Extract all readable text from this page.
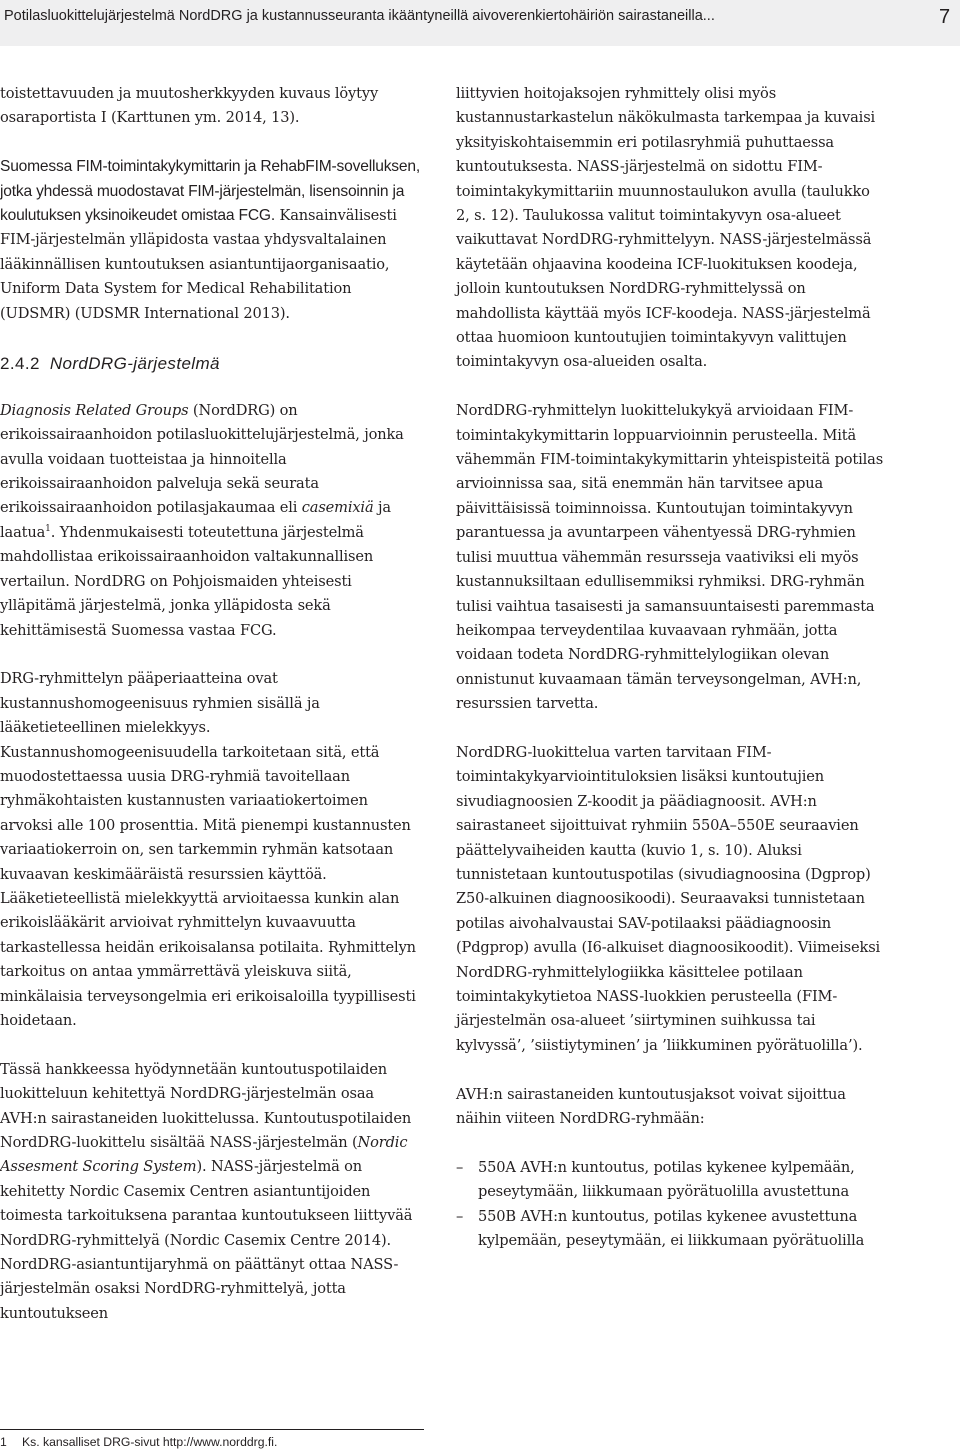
Potilasluokittelujärjestelmä NordDRG ja kustannusseuranta ikääntyneillä aivoverenkiertohäiriön sairastaneilla...	7

toistettavuuden ja muutosherkkyyden kuvaus löytyy osaraportista I (Karttunen ym. 2014, 13).

Suomessa FIM-toimintakykymittarin ja RehabFIM-sovelluksen, jotka yhdessä muodostavat FIM-järjestelmän, lisensoinnin ja koulutuksen yksinoikeudet omistaa FCG. Kansainvälisesti FIM-järjestelmän ylläpidosta vastaa yhdysvaltalainen lääkinnällisen kuntoutuksen asiantuntijaorganisaatio, Uniform Data System for Medical Rehabilitation (UDSMR) (UDSMR International 2013).

2.4.2 NordDRG-järjestelmä

Diagnosis Related Groups (NordDRG) on erikoissairaanhoidon potilasluokittelujärjestelmä, jonka avulla voidaan tuotteistaa ja hinnoitella erikoissairaanhoidon palveluja sekä seurata erikoissairaanhoidon potilasjakaumaa eli casemixiä ja laatua$^1$. Yhdenmukaisesti toteutettuna järjestelmä mahdollistaa erikoissairaanhoidon valtakunnallisen vertailun. NordDRG on Pohjoismaiden yhteisesti ylläpitämä järjestelmä, jonka ylläpidosta sekä kehittämisestä Suomessa vastaa FCG.

DRG-ryhmittelyn pääperiaatteina ovat kustannushomogeenisuus ryhmien sisällä ja lääketieteellinen mielekkyys. Kustannushomogeenisuudella tarkoitetaan sitä, että muodostettaessa uusia DRG-ryhmiä tavoitellaan ryhmäkohtaisten kustannusten variaatiokertoimen arvoksi alle 100 prosenttia. Mitä pienempi kustannusten variaatiokerroin on, sen tarkemmin ryhmän katsotaan kuvaavan keskimääräistä resurssien käyttöä. Lääketieteellistä mielekkyyttä arvioitaessa kunkin alan erikoislääkärit arvioivat ryhmittelyn kuvaavuutta tarkastellessa heidän erikoisalansa potilaita. Ryhmittelyn tarkoitus on antaa ymmärrettävä yleiskuva siitä, minkälaisia terveysongelmia eri erikoisaloilla tyypillisesti hoidetaan.

Tässä hankkeessa hyödynnetään kuntoutuspotilaiden luokitteluun kehitettyä NordDRG-järjestelmän osaa AVH:n sairastaneiden luokittelussa. Kuntoutuspotilaiden NordDRG-luokittelu sisältää NASS-järjestelmän (Nordic Assesment Scoring System). NASS-järjestelmä on kehitetty Nordic Casemix Centren asiantuntijoiden toimesta tarkoituksena parantaa kuntoutukseen liittyvää NordDRG-ryhmittelyä (Nordic Casemix Centre 2014). NordDRG-asiantuntijaryhmä on päättänyt ottaa NASS-järjestelmän osaksi NordDRG-ryhmittelyä, jotta kuntoutukseen

liittyvien hoitojaksojen ryhmittely olisi myös kustannustarkastelun näkökulmasta tarkempaa ja kuvaisi yksityiskohtaisemmin eri potilasryhmiä puhuttaessa kuntoutuksesta. NASS-järjestelmä on sidottu FIM-toimintakykymittariin muunnostaulukon avulla (taulukko 2, s. 12). Taulukossa valitut toimintakyvyn osa-alueet vaikuttavat NordDRG-ryhmittelyyn. NASS-järjestelmässä käytetään ohjaavina koodeina ICF-luokituksen koodeja, jolloin kuntoutuksen NordDRG-ryhmittelyssä on mahdollista käyttää myös ICF-koodeja. NASS-järjestelmä ottaa huomioon kuntoutujien toimintakyvyn valittujen toimintakyvyn osa-alueiden osalta.

NordDRG-ryhmittelyn luokittelukykyä arvioidaan FIM-toimintakykymittarin loppuarvioinnin perusteella. Mitä vähemmän FIM-toimintakykymittarin yhteispisteitä potilas arvioinnissa saa, sitä enemmän hän tarvitsee apua päivittäisissä toiminnoissa. Kuntoutujan toimintakyvyn parantuessa ja avuntarpeen vähentyessä DRG-ryhmien tulisi muuttua vähemmän resursseja vaativiksi eli myös kustannuksiltaan edullisemmiksi ryhmiksi. DRG-ryhmän tulisi vaihtua tasaisesti ja samansuuntaisesti paremmasta heikompaa terveydentilaa kuvaavaan ryhmään, jotta voidaan todeta NordDRG-ryhmittelylogiikan olevan onnistunut kuvaamaan tämän terveysongelman, AVH:n, resurssien tarvetta.

NordDRG-luokittelua varten tarvitaan FIM-toimintakykyarviointituloksien lisäksi kuntoutujien sivudiagnoosien Z-koodit ja päädiagnoosit. AVH:n sairastaneet sijoittuivat ryhmiin 550A–550E seuraavien päättelyvaiheiden kautta (kuvio 1, s. 10). Aluksi tunnistetaan kuntoutuspotilas (sivudiagnoosina (Dgprop) Z50-alkuinen diagnoosikoodi). Seuraavaksi tunnistetaan potilas aivohalvaustai SAV-potilaaksi päädiagnoosin (Pdgprop) avulla (I6-alkuiset diagnoosikoodit). Viimeiseksi NordDRG-ryhmittelylogiikka käsittelee potilaan toimintakykytietoa NASS-luokkien perusteella (FIM-järjestelmän osa-alueet ’siirtyminen suihkussa tai kylvyssä’, ’siistiytyminen’ ja ’liikkuminen pyörätuolilla’).

AVH:n sairastaneiden kuntoutusjaksot voivat sijoittua näihin viiteen NordDRG-ryhmään:

– 550A AVH:n kuntoutus, potilas kykenee kylpemään, peseytymään, liikkumaan pyörätuolilla avustettuna
– 550B AVH:n kuntoutus, potilas kykenee avustettuna kylpemään, peseytymään, ei liikkumaan pyörätuolilla
1 Ks. kansalliset DRG-sivut http://www.norddrg.fi.
